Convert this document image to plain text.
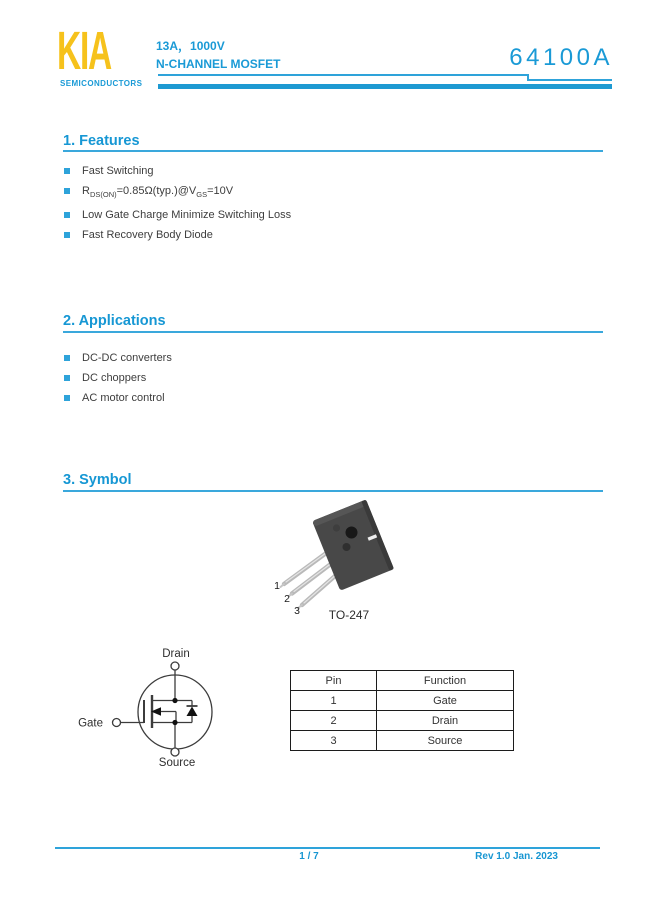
KIA
SEMICONDUCTORS
13A，1000V
N-CHANNEL MOSFET	64100A
1. Features
Fast Switching
$R_{DS(ON)}=0.85\Omega(typ.)@V_{GS}=10V$
Low Gate Charge Minimize Switching Loss
Fast Recovery Body Diode
2. Applications
DC-DC converters
DC choppers
AC motor control
3. Symbol
1
2
3 TO-247
Drain
Gate
Source
Pin	Function
1	Gate
2	Drain
3	Source
1 / 7	Rev 1.0 Jan. 2023
